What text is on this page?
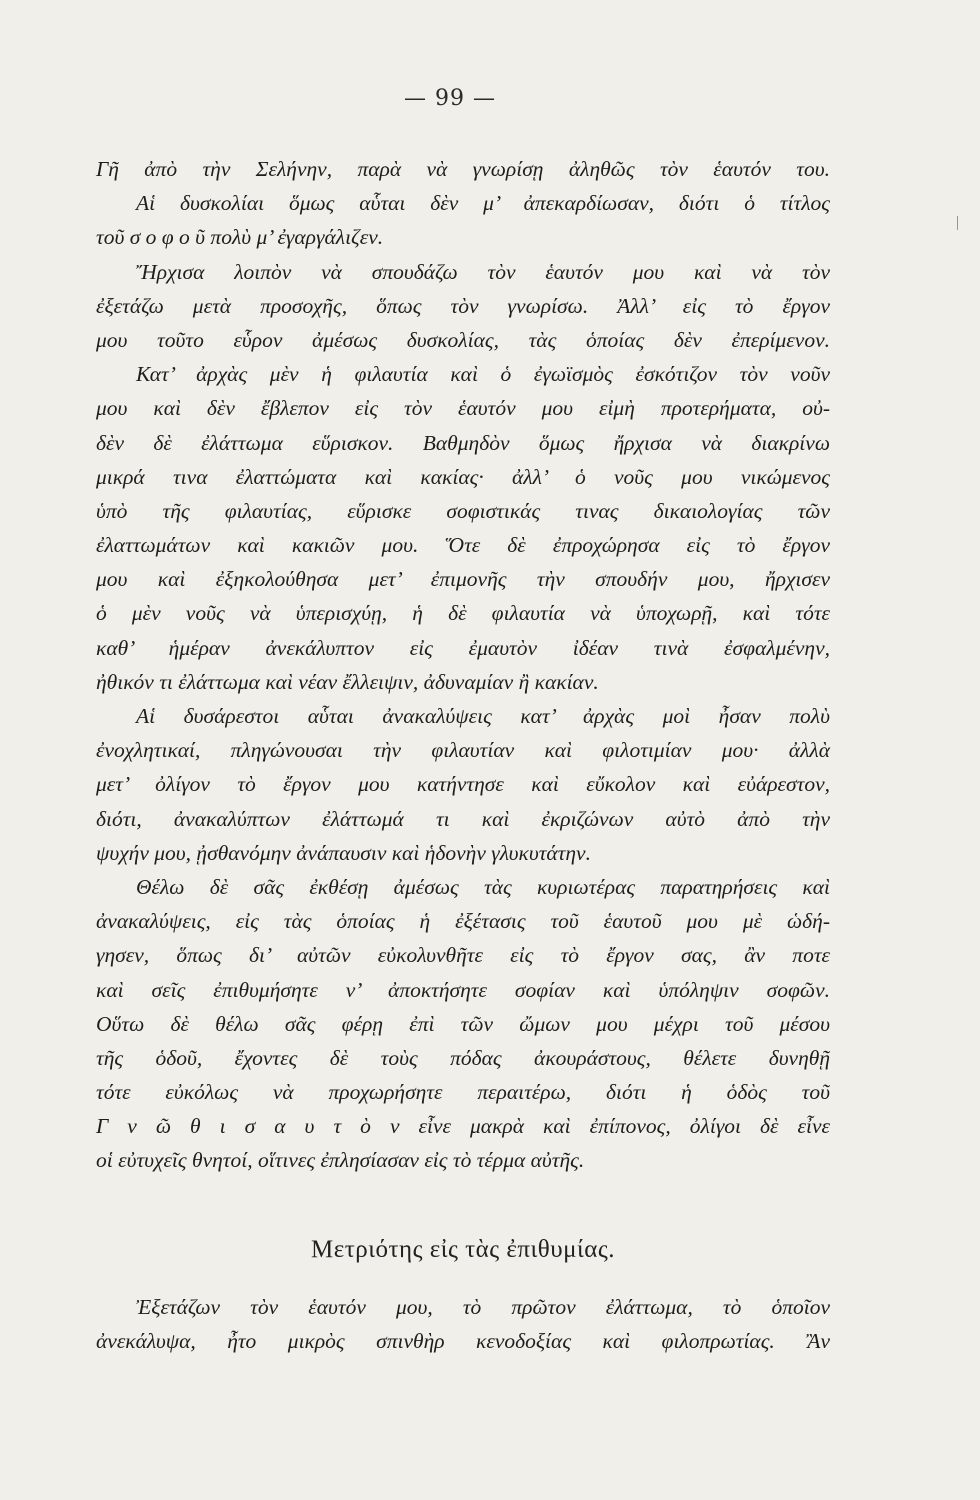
— 99 —
Γῆ ἀπὸ τὴν Σελήνην, παρὰ νὰ γνωρίσῃ ἀληθῶς τὸν ἑαυτόν του.
Αἱ δυσκολίαι ὅμως αὗται δὲν μ’ ἀπεκαρδίωσαν, διότι ὁ τίτλος
τοῦ σ ο φ ο ῦ πολὺ μ’ ἐγαργάλιζεν.
Ἤρχισα λοιπὸν νὰ σπουδάζω τὸν ἑαυτόν μου καὶ νὰ τὸν
ἐξετάζω μετὰ προσοχῆς, ὅπως τὸν γνωρίσω. Ἀλλ’ εἰς τὸ ἔργον
μου τοῦτο εὗρον ἀμέσως δυσκολίας, τὰς ὁποίας δὲν ἐπερίμενον.
Κατ’ ἀρχὰς μὲν ἡ φιλαυτία καὶ ὁ ἐγωϊσμὸς ἐσκότιζον τὸν νοῦν
μου καὶ δὲν ἔβλεπον εἰς τὸν ἑαυτόν μου εἰμὴ προτερήματα, οὐ-
δὲν δὲ ἐλάττωμα εὕρισκον. Βαθμηδὸν ὅμως ἤρχισα νὰ διακρίνω
μικρά τινα ἐλαττώματα καὶ κακίας· ἀλλ’ ὁ νοῦς μου νικώμενος
ὑπὸ τῆς φιλαυτίας, εὕρισκε σοφιστικάς τινας δικαιολογίας τῶν
ἐλαττωμάτων καὶ κακιῶν μου. Ὅτε δὲ ἐπροχώρησα εἰς τὸ ἔργον
μου καὶ ἐξηκολούθησα μετ’ ἐπιμονῆς τὴν σπουδήν μου, ἤρχισεν
ὁ μὲν νοῦς νὰ ὑπερισχύῃ, ἡ δὲ φιλαυτία νὰ ὑποχωρῇ, καὶ τότε
καθ’ ἡμέραν ἀνεκάλυπτον εἰς ἐμαυτὸν ἰδέαν τινὰ ἐσφαλμένην,
ἠθικόν τι ἐλάττωμα καὶ νέαν ἔλλειψιν, ἀδυναμίαν ἢ κακίαν.
Αἱ δυσάρεστοι αὗται ἀνακαλύψεις κατ’ ἀρχὰς μοὶ ἦσαν πολὺ
ἐνοχλητικαί, πληγώνουσαι τὴν φιλαυτίαν καὶ φιλοτιμίαν μου· ἀλλὰ
μετ’ ὀλίγον τὸ ἔργον μου κατήντησε καὶ εὔκολον καὶ εὐάρεστον,
διότι, ἀνακαλύπτων ἐλάττωμά τι καὶ ἐκριζώνων αὐτὸ ἀπὸ τὴν
ψυχήν μου, ᾐσθανόμην ἀνάπαυσιν καὶ ἡδονὴν γλυκυτάτην.
Θέλω δὲ σᾶς ἐκθέσῃ ἀμέσως τὰς κυριωτέρας παρατηρήσεις καὶ
ἀνακαλύψεις, εἰς τὰς ὁποίας ἡ ἐξέτασις τοῦ ἑαυτοῦ μου μὲ ὡδή-
γησεν, ὅπως δι’ αὐτῶν εὐκολυνθῆτε εἰς τὸ ἔργον σας, ἂν ποτε
καὶ σεῖς ἐπιθυμήσητε ν’ ἀποκτήσητε σοφίαν καὶ ὑπόληψιν σοφῶν.
Οὕτω δὲ θέλω σᾶς φέρῃ ἐπὶ τῶν ὤμων μου μέχρι τοῦ μέσου
τῆς ὁδοῦ, ἔχοντες δὲ τοὺς πόδας ἀκουράστους, θέλετε δυνηθῇ
τότε εὐκόλως νὰ προχωρήσητε περαιτέρω, διότι ἡ ὁδὸς τοῦ
Γ ν ῶ θ ι σ α υ τ ὸ ν εἶνε μακρὰ καὶ ἐπίπονος, ὀλίγοι δὲ εἶνε
οἱ εὐτυχεῖς θνητοί, οἵτινες ἐπλησίασαν εἰς τὸ τέρμα αὐτῆς.
Μετριότης εἰς τὰς ἐπιθυμίας.
Ἐξετάζων τὸν ἑαυτόν μου, τὸ πρῶτον ἐλάττωμα, τὸ ὁποῖον
ἀνεκάλυψα, ἦτο μικρὸς σπινθὴρ κενοδοξίας καὶ φιλοπρωτίας. Ἂν
